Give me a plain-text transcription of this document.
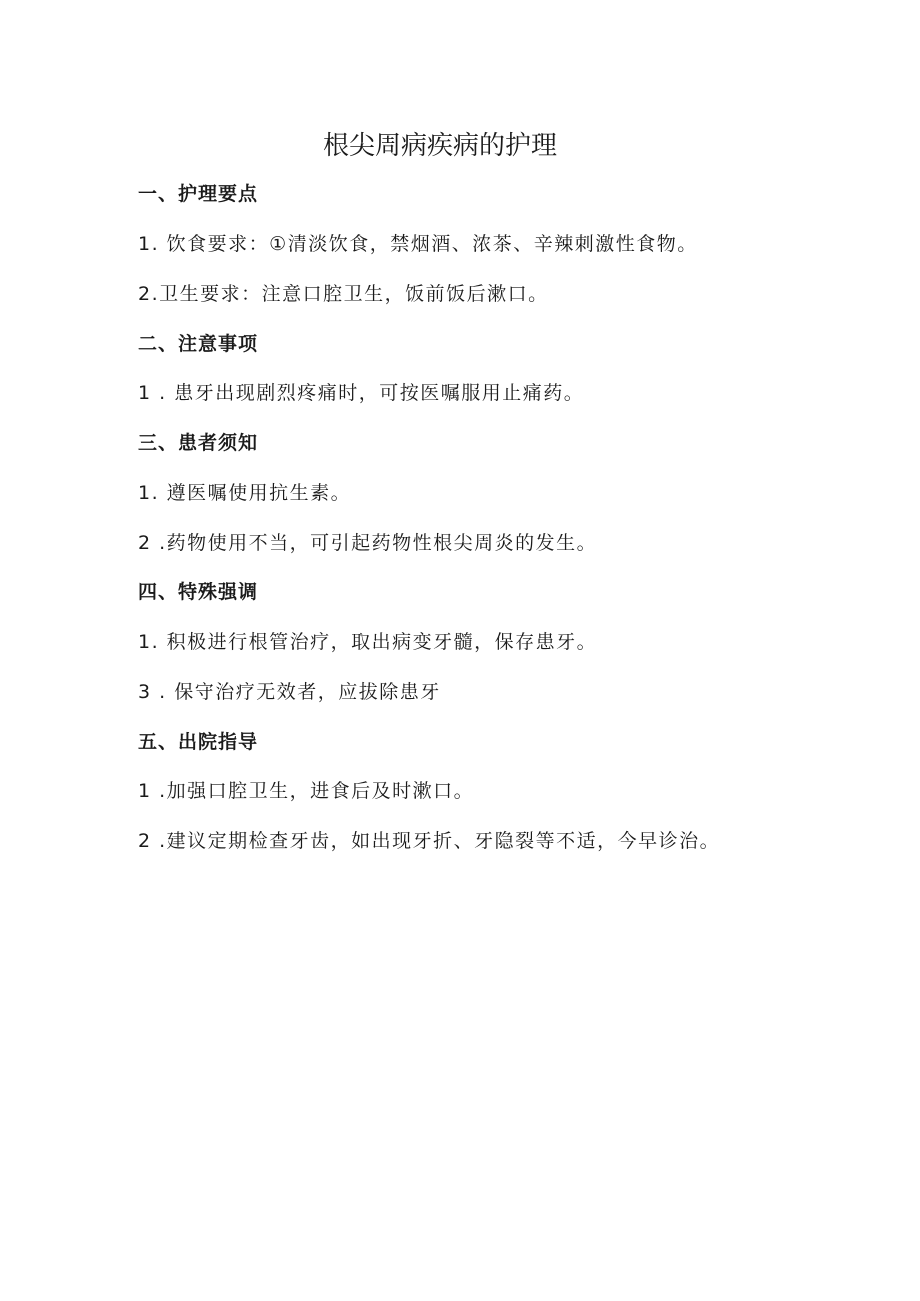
根尖周病疾病的护理

一、护理要点

1. 饮食要求：①清淡饮食，禁烟酒、浓茶、辛辣刺激性食物。

2.卫生要求：注意口腔卫生，饭前饭后漱口。

二、注意事项

1 . 患牙出现剧烈疼痛时，可按医嘱服用止痛药。

三、患者须知

1. 遵医嘱使用抗生素。

2 .药物使用不当，可引起药物性根尖周炎的发生。

四、特殊强调

1. 积极进行根管治疗，取出病变牙髓，保存患牙。

3 . 保守治疗无效者，应拔除患牙

五、出院指导

1 .加强口腔卫生，进食后及时漱口。

2 .建议定期检查牙齿，如出现牙折、牙隐裂等不适，今早诊治。
